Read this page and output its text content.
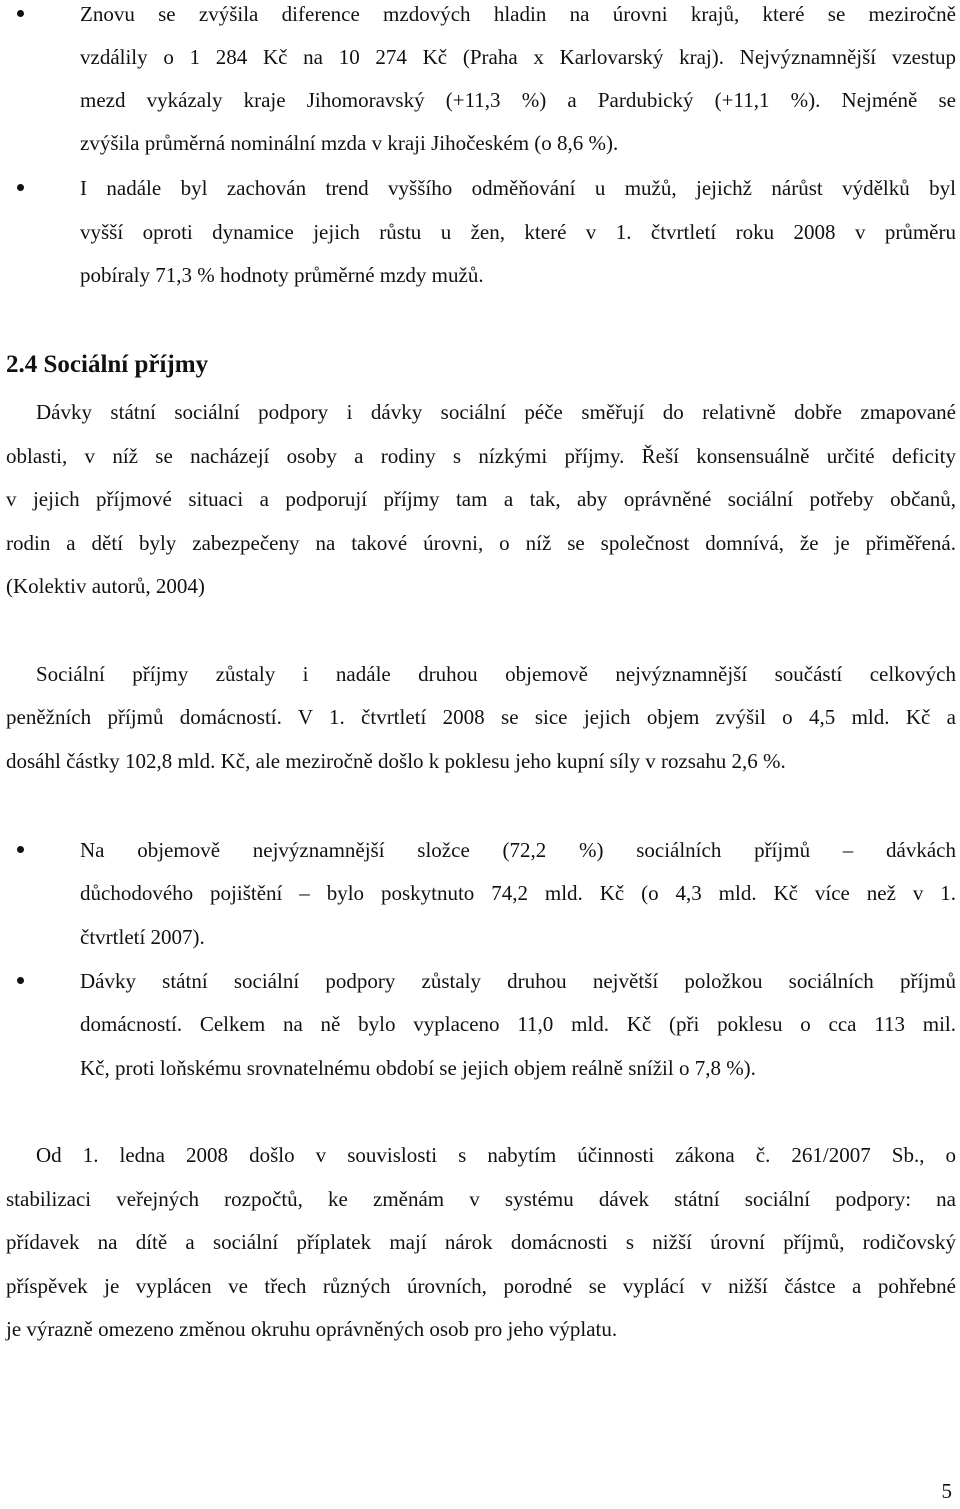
Znovu se zvýšila diference mzdových hladin na úrovni krajů, které se meziročně
vzdálily o 1 284 Kč na 10 274 Kč (Praha x Karlovarský kraj). Nejvýznamnější vzestup
mezd vykázaly kraje Jihomoravský (+11,3 %) a Pardubický (+11,1 %). Nejméně se
zvýšila průměrná nominální mzda v kraji Jihočeském (o 8,6 %).
I nadále byl zachován trend vyššího odměňování u mužů, jejichž nárůst výdělků byl
vyšší oproti dynamice jejich růstu u žen, které v 1. čtvrtletí roku 2008 v průměru
pobíraly 71,3 % hodnoty průměrné mzdy mužů.
2.4 Sociální příjmy
Dávky státní sociální podpory i dávky sociální péče směřují do relativně dobře zmapované
oblasti, v níž se nacházejí osoby a rodiny s nízkými příjmy. Řeší konsensuálně určité deficity
v jejich příjmové situaci a podporují příjmy tam a tak, aby oprávněné sociální potřeby občanů,
rodin a dětí byly zabezpečeny na takové úrovni, o níž se společnost domnívá, že je přiměřená.
(Kolektiv autorů, 2004)
Sociální příjmy zůstaly i nadále druhou objemově nejvýznamnější součástí celkových
peněžních příjmů domácností. V 1. čtvrtletí 2008 se sice jejich objem zvýšil o 4,5 mld. Kč a
dosáhl částky 102,8 mld. Kč, ale meziročně došlo k poklesu jeho kupní síly v rozsahu 2,6 %.
Na objemově nejvýznamnější složce (72,2 %) sociálních příjmů – dávkách
důchodového pojištění – bylo poskytnuto 74,2 mld. Kč (o 4,3 mld. Kč více než v 1.
čtvrtletí 2007).
Dávky státní sociální podpory zůstaly druhou největší položkou sociálních příjmů
domácností. Celkem na ně bylo vyplaceno 11,0 mld. Kč (při poklesu o cca 113 mil.
Kč, proti loňskému srovnatelnému období se jejich objem reálně snížil o 7,8 %).
Od 1. ledna 2008 došlo v souvislosti s nabytím účinnosti zákona č. 261/2007 Sb., o
stabilizaci veřejných rozpočtů, ke změnám v systému dávek státní sociální podpory: na
přídavek na dítě a sociální příplatek mají nárok domácnosti s nižší úrovní příjmů, rodičovský
příspěvek je vyplácen ve třech různých úrovních, porodné se vyplácí v nižší částce a pohřebné
je výrazně omezeno změnou okruhu oprávněných osob pro jeho výplatu.
5
